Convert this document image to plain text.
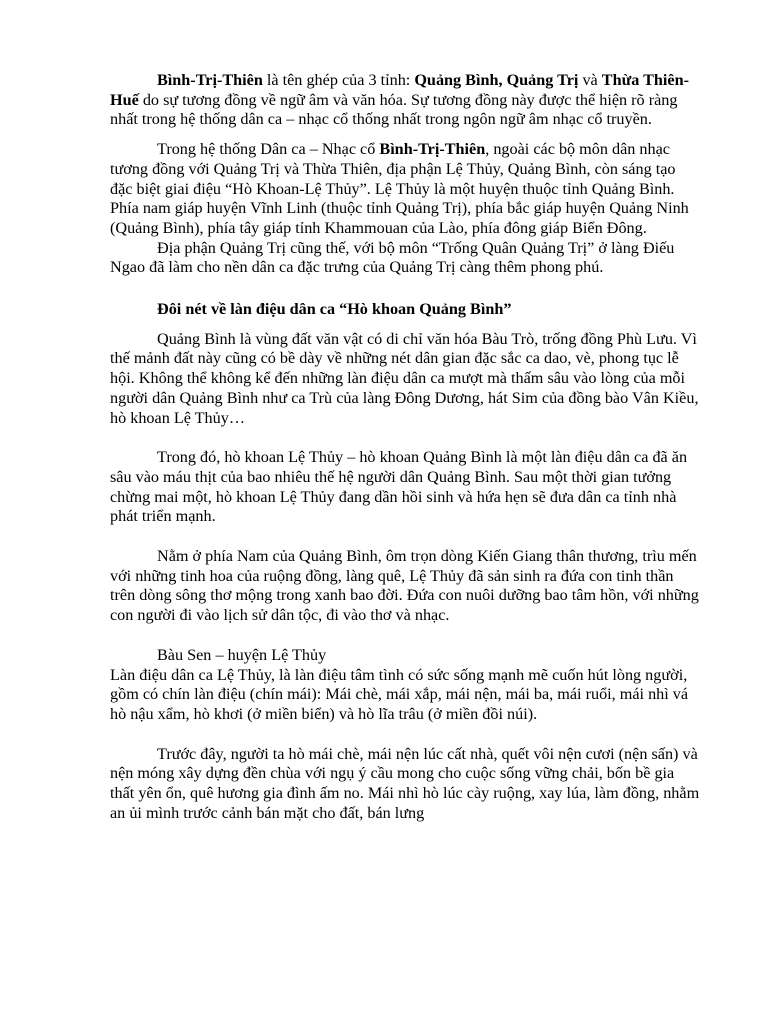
Bình-Trị-Thiên là tên ghép của 3 tỉnh: Quảng Bình, Quảng Trị và Thừa Thiên-Huế do sự tương đồng về ngữ âm và văn hóa. Sự tương đồng này được thể hiện rõ ràng nhất trong hệ thống dân ca – nhạc cổ thống nhất trong ngôn ngữ âm nhạc cổ truyền.

Trong hệ thống Dân ca – Nhạc cổ Bình-Trị-Thiên, ngoài các bộ môn dân nhạc tương đồng với Quảng Trị và Thừa Thiên, địa phận Lệ Thủy, Quảng Bình, còn sáng tạo đặc biệt giai điệu “Hò Khoan-Lệ Thủy”. Lệ Thủy là một huyện thuộc tỉnh Quảng Bình. Phía nam giáp huyện Vĩnh Linh (thuộc tỉnh Quảng Trị), phía bắc giáp huyện Quảng Ninh (Quảng Bình), phía tây giáp tỉnh Khammouan của Lào, phía đông giáp Biển Đông.

Địa phận Quảng Trị cũng thế, với bộ môn “Trống Quân Quảng Trị” ở làng Điếu Ngao đã làm cho nền dân ca đặc trưng của Quảng Trị càng thêm phong phú.

Đôi nét về làn điệu dân ca “Hò khoan Quảng Bình”

Quảng Bình là vùng đất văn vật có di chỉ văn hóa Bàu Trò, trống đồng Phù Lưu. Vì thế mảnh đất này cũng có bề dày về những nét dân gian đặc sắc ca dao, vè, phong tục lễ hội. Không thể không kể đến những làn điệu dân ca mượt mà thấm sâu vào lòng của mỗi người dân Quảng Bình như ca Trù của làng Đông Dương, hát Sim của đồng bào Vân Kiều, hò khoan Lệ Thủy…

Trong đó, hò khoan Lệ Thủy – hò khoan Quảng Bình là một làn điệu dân ca đã ăn sâu vào máu thịt của bao nhiêu thế hệ người dân Quảng Bình. Sau một thời gian tưởng chừng mai một, hò khoan Lệ Thủy đang dần hồi sinh và hứa hẹn sẽ đưa dân ca tỉnh nhà phát triển mạnh.

Nằm ở phía Nam của Quảng Bình, ôm trọn dòng Kiến Giang thân thương, trìu mến với những tinh hoa của ruộng đồng, làng quê, Lệ Thủy đã sản sinh ra đứa con tinh thần trên dòng sông thơ mộng trong xanh bao đời. Đứa con nuôi dưỡng bao tâm hồn, với những con người đi vào lịch sử dân tộc, đi vào thơ và nhạc.

Bàu Sen – huyện Lệ Thủy

Làn điệu dân ca Lệ Thủy, là làn điệu tâm tình có sức sống mạnh mẽ cuốn hút lòng người, gồm có chín làn điệu (chín mái): Mái chè, mái xắp, mái nện, mái ba, mái ruổi, mái nhì vá hò nậu xẩm, hò khơi (ở miền biển) và hò lĩa trâu (ở miền đồi núi).

Trước đây, người ta hò mái chè, mái nện lúc cất nhà, quết vôi nện cươi (nện sấn) và nện móng xây dựng đền chùa với ngụ ý cầu mong cho cuộc sống vững chải, bốn bề gia thất yên ổn, quê hương gia đình ấm no. Mái nhì hò lúc cày ruộng, xay lúa, làm đồng, nhằm an ủi mình trước cảnh bán mặt cho đất, bán lưng
